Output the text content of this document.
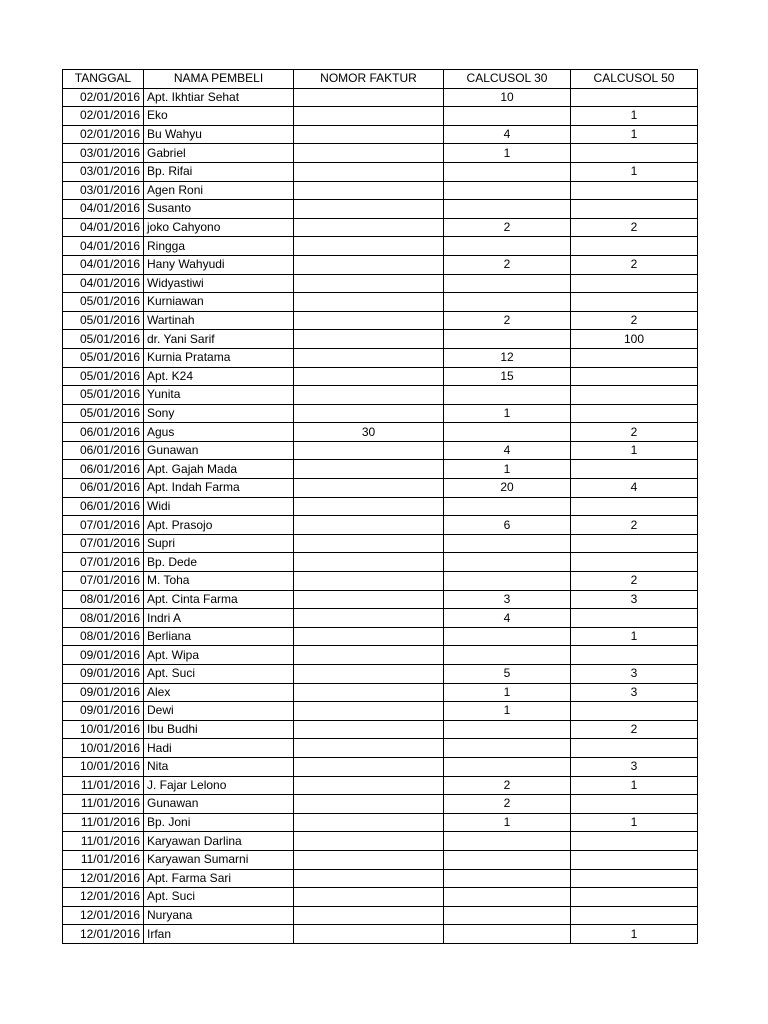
TANGGAL	NAMA PEMBELI	NOMOR FAKTUR	CALCUSOL 30	CALCUSOL 50
02/01/2016	Apt. Ikhtiar Sehat		10	
02/01/2016	Eko			1
02/01/2016	Bu Wahyu		4	1
03/01/2016	Gabriel		1	
03/01/2016	Bp. Rifai			1
03/01/2016	Agen Roni			
04/01/2016	Susanto			
04/01/2016	joko Cahyono		2	2
04/01/2016	Ringga			
04/01/2016	Hany Wahyudi		2	2
04/01/2016	Widyastiwi			
05/01/2016	Kurniawan			
05/01/2016	Wartinah		2	2
05/01/2016	dr. Yani Sarif			100
05/01/2016	Kurnia Pratama		12	
05/01/2016	Apt. K24		15	
05/01/2016	Yunita			
05/01/2016	Sony		1	
06/01/2016	Agus	30		2
06/01/2016	Gunawan		4	1
06/01/2016	Apt. Gajah Mada		1	
06/01/2016	Apt. Indah Farma		20	4
06/01/2016	Widi			
07/01/2016	Apt. Prasojo		6	2
07/01/2016	Supri			
07/01/2016	Bp. Dede			
07/01/2016	M. Toha			2
08/01/2016	Apt. Cinta Farma		3	3
08/01/2016	Indri A		4	
08/01/2016	Berliana			1
09/01/2016	Apt. Wipa			
09/01/2016	Apt. Suci		5	3
09/01/2016	Alex		1	3
09/01/2016	Dewi		1	
10/01/2016	Ibu Budhi			2
10/01/2016	Hadi			
10/01/2016	Nita			3
11/01/2016	J. Fajar Lelono		2	1
11/01/2016	Gunawan		2	
11/01/2016	Bp. Joni		1	1
11/01/2016	Karyawan Darlina			
11/01/2016	Karyawan Sumarni			
12/01/2016	Apt. Farma Sari			
12/01/2016	Apt. Suci			
12/01/2016	Nuryana			
12/01/2016	Irfan			1
